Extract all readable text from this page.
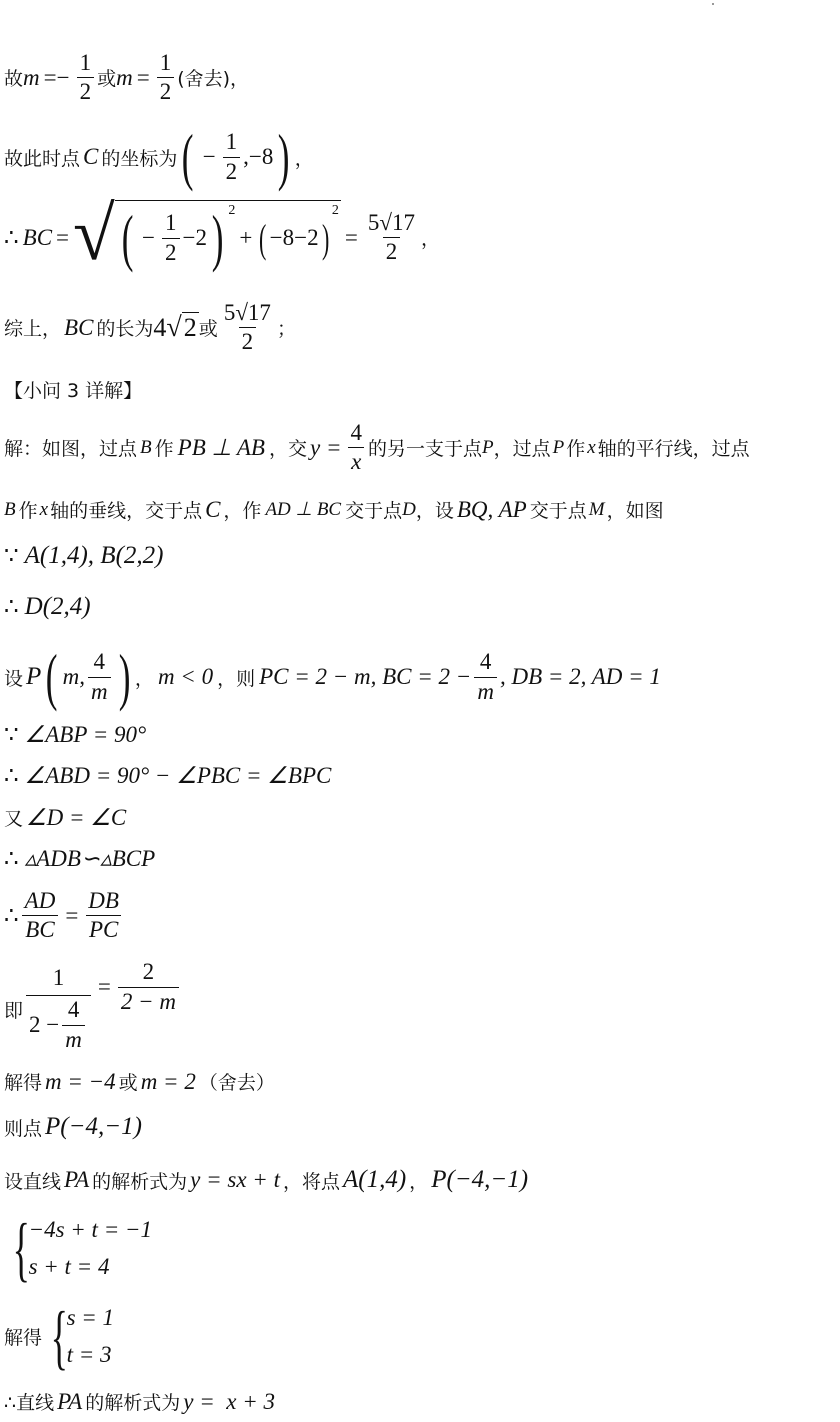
故 $m =- \frac{1}{2}$ 或 $m = \frac{1}{2}$ (舍去)，
故此时点 C 的坐标为 ( − $\frac{1}{2} ,-8$ ) ，
∴ BC = √ ( − $\frac{1}{2} -2$ ) 2
+ ( −8−2 )
2
= $\frac{5√17}{2}$ ，
综上， BC 的长为 4 √ 2 或 $\frac{5√17}{2}$ ；
【小问 3 详解】
解：如图，过点 B 作 PB ⊥ AB ，交 $y = \frac{4}{x}$ 的另一支于点 P ，过点 P 作 x 轴的平行线，过点
B 作 x 轴的垂线，交于点 C ，作 AD ⊥ BC 交于点 D ，设 BQ, AP 交于点 M ，如图
∵ A(1,4), B(2,2)
∴ D(2,4)
设 P ( m, $\frac{4}{m}$ ) ， m < 0 ，则 PC = 2 − m, BC = $2 - \frac{4}{m}$ , DB = 2, AD = 1
∵ ∠ABP = 90°
∴ ∠ABD = 90° − ∠PBC = ∠BPC
又 ∠D = ∠C
∴ ▵ADB∽▵BCP
∴ $\frac{AD}{BC} = \frac{DB}{PC}$
即 $\frac{1}{2 - \frac{4}{m}} = \frac{2}{2 - m}$
解得 m = −4 或 m = 2 （舍去）
则点 P(−4,−1)
设直线 PA 的解析式为 y = sx + t ，将点 A(1,4) ， P(−4,−1)
{
−4s + t = −1
s + t = 4
解得 {
s = 1
t = 3
∴直线 PA 的解析式为 y =  x + 3
